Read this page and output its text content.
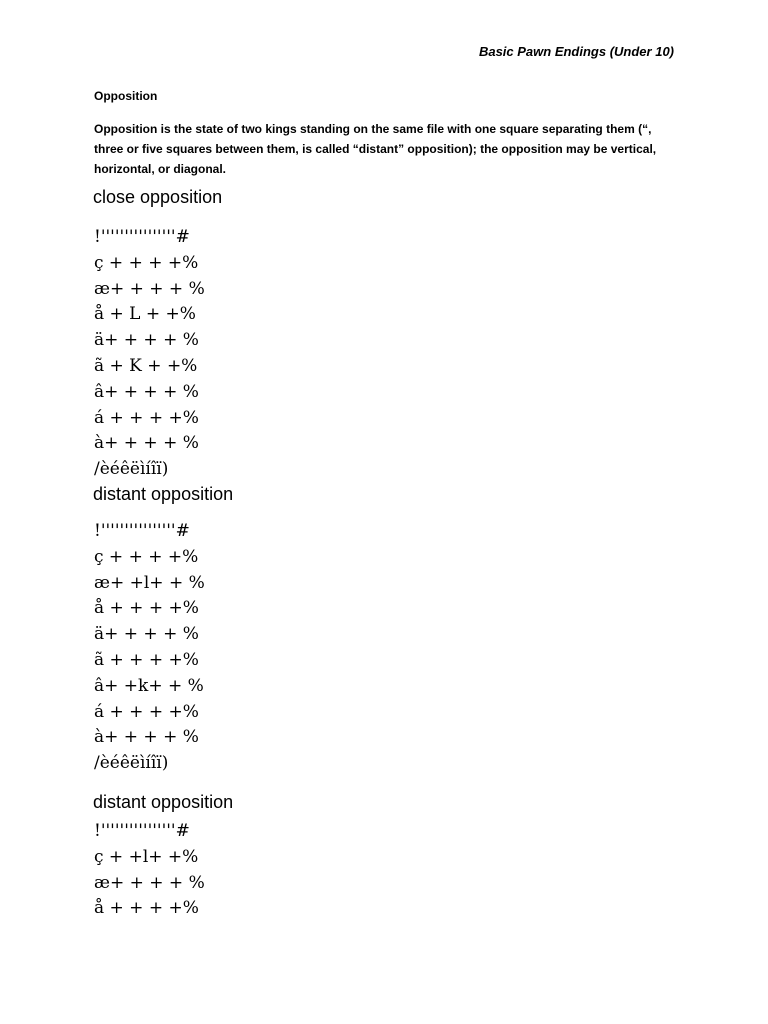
Basic Pawn Endings (Under 10)
Opposition

Opposition is the state of two kings standing on the same file with one square separating them (“, three or five squares between them, is called “distant” opposition); the opposition may be vertical, horizontal, or diagonal.

close opposition
!''''''''''''''''#
ç + + + +%
æ+ + + + %
å + L + +%
ä+ + + + %
ã + K + +%
â+ + + + %
á + + + +%
à+ + + + %
/èéêëìíîï)
distant opposition
!''''''''''''''''#
ç + + + +%
æ+ +l+ + %
å + + + +%
ä+ + + + %
ã + + + +%
â+ +k+ + %
á + + + +%
à+ + + + %
/èéêëìíîï)
distant opposition
!''''''''''''''''#
ç + +l+ +%
æ+ + + + %
å + + + +%
